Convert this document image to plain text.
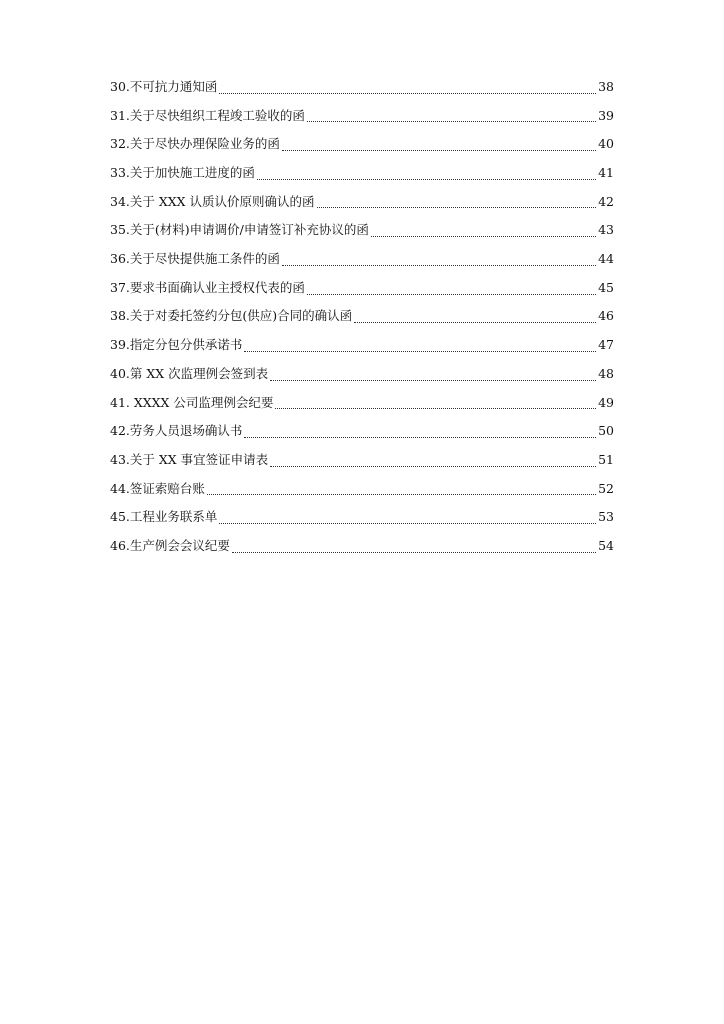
30.不可抗力通知函	38
31.关于尽快组织工程竣工验收的函	39
32.关于尽快办理保险业务的函	40
33.关于加快施工进度的函	41
34.关于 XXX 认质认价原则确认的函	42
35.关于(材料)申请调价/申请签订补充协议的函	43
36.关于尽快提供施工条件的函	44
37.要求书面确认业主授权代表的函	45
38.关于对委托签约分包(供应)合同的确认函	46
39.指定分包分供承诺书	47
40.第 XX 次监理例会签到表	48
41. XXXX 公司监理例会纪要	49
42.劳务人员退场确认书	50
43.关于 XX 事宜签证申请表	51
44.签证索赔台账	52
45.工程业务联系单	53
46.生产例会会议纪要	54
